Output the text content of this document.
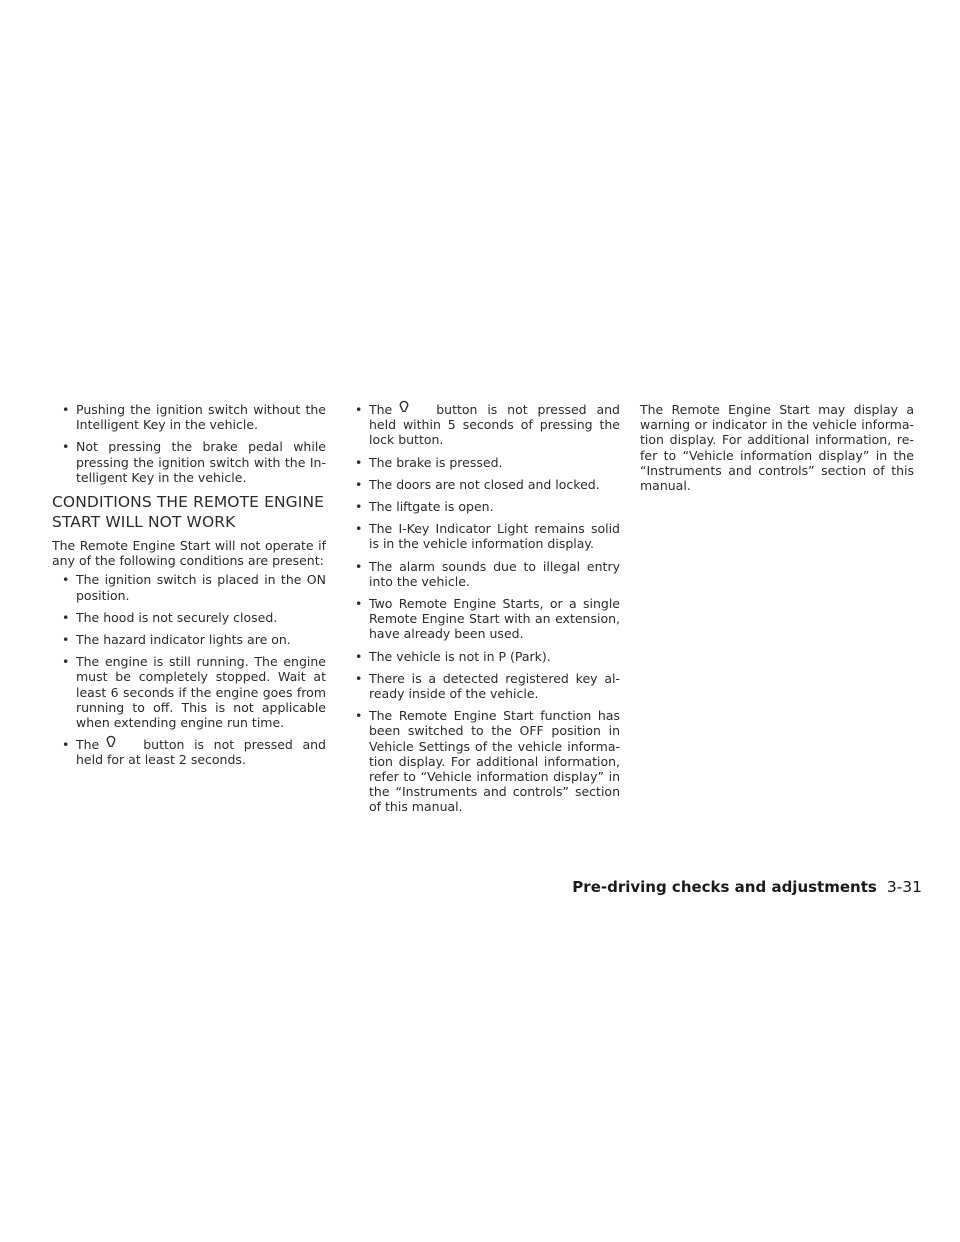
• Pushing the ignition switch without the Intelligent Key in the vehicle.
• Not pressing the brake pedal while pressing the ignition switch with the Intelligent Key in the vehicle.
CONDITIONS THE REMOTE ENGINE
START WILL NOT WORK

The Remote Engine Start will not operate if any of the following conditions are present:

• The ignition switch is placed in the ON position.
• The hood is not securely closed.
• The hazard indicator lights are on.
• The engine is still running. The engine must be completely stopped. Wait at least 6 seconds if the engine goes from running to off. This is not applicable when extending engine run time.
• The	button is not pressed and held for at least 2 seconds.
• The	button is not pressed and held within 5 seconds of pressing the lock button.
• The brake is pressed.
• The doors are not closed and locked.
• The liftgate is open.
• The I-Key Indicator Light remains solid is in the vehicle information display.
• The alarm sounds due to illegal entry into the vehicle.
• Two Remote Engine Starts, or a single Remote Engine Start with an extension, have already been used.
• The vehicle is not in P (Park).
• There is a detected registered key already inside of the vehicle.
• The Remote Engine Start function has been switched to the OFF position in Vehicle Settings of the vehicle information display. For additional information, refer to “Vehicle information display” in the “Instruments and controls” section of this manual.

The Remote Engine Start may display a warning or indicator in the vehicle information display. For additional information, refer to “Vehicle information display” in the “Instruments and controls” section of this manual.

Pre-driving checks and adjustments 3-31
